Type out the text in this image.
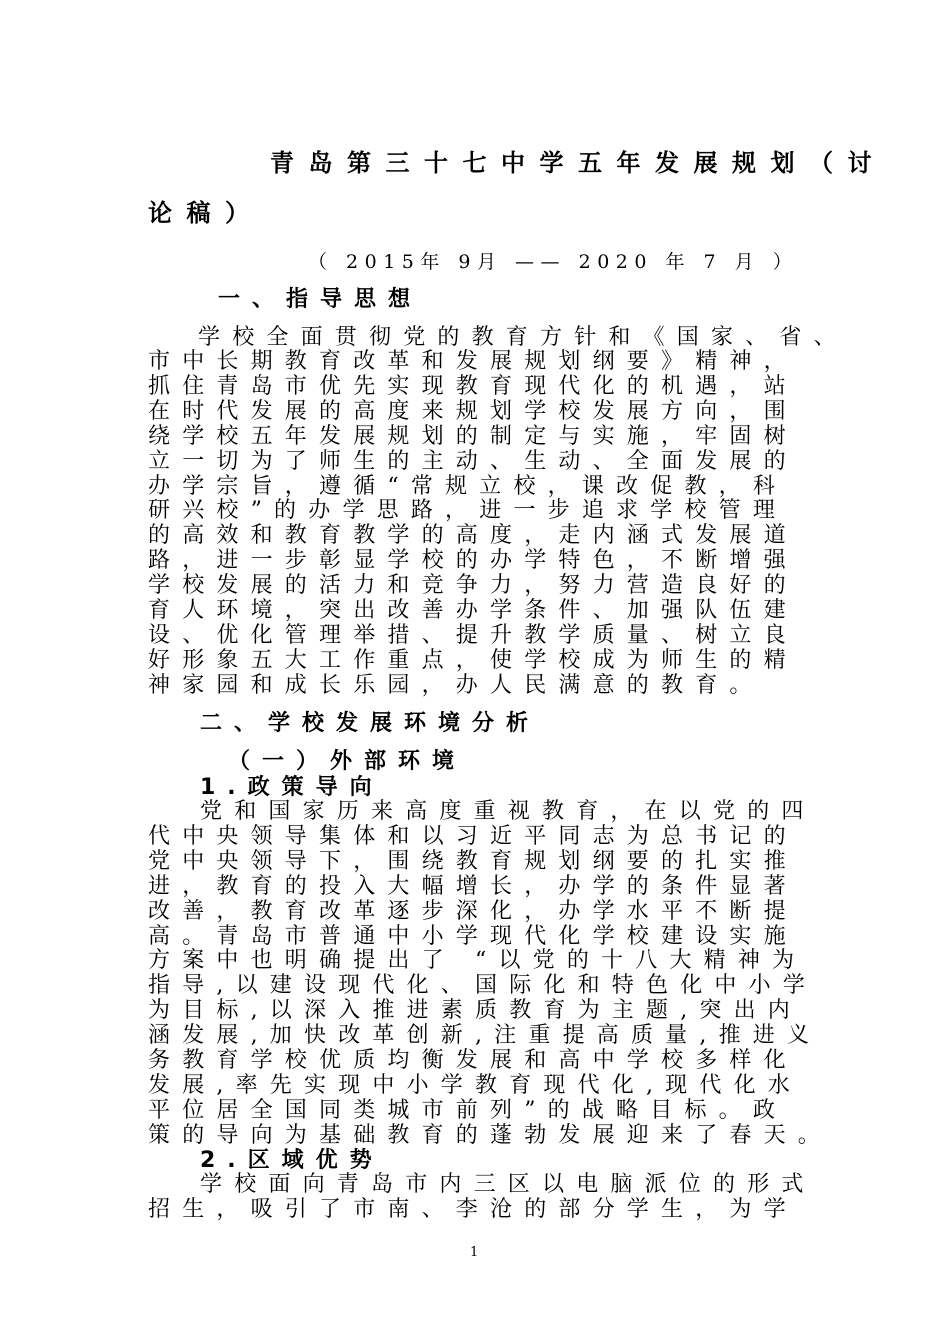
青岛第三十七中学五年发展规划（讨
论稿）
（ 2015年 9月 —— 2020 年 7 月 ）
一、指导思想
学校全面贯彻党的教育方针和《国家、省、
市中长期教育改革和发展规划纲要》精神，
抓住青岛市优先实现教育现代化的机遇，站
在时代发展的高度来规划学校发展方向，围
绕学校五年发展规划的制定与实施，牢固树
立一切为了师生的主动、生动、全面发展的
办学宗旨，遵循“常规立校，课改促教，科
研兴校”的办学思路，进一步追求学校管理
的高效和教育教学的高度，走内涵式发展道
路，进一步彰显学校的办学特色，不断增强
学校发展的活力和竞争力，努力营造良好的
育人环境，突出改善办学条件、加强队伍建
设、优化管理举措、提升教学质量、树立良
好形象五大工作重点，使学校成为师生的精
神家园和成长乐园，办人民满意的教育。
二、学校发展环境分析
（一）外部环境
1.政策导向
党和国家历来高度重视教育，在以党的四
代中央领导集体和以习近平同志为总书记的
党中央领导下，围绕教育规划纲要的扎实推
进，教育的投入大幅增长，办学的条件显著
改善，教育改革逐步深化，办学水平不断提
高。青岛市普通中小学现代化学校建设实施
方案中也明确提出了 “以党的十八大精神为
指导,以建设现代化、国际化和特色化中小学
为目标,以深入推进素质教育为主题,突出内
涵发展,加快改革创新,注重提高质量,推进义
务教育学校优质均衡发展和高中学校多样化
发展,率先实现中小学教育现代化,现代化水
平位居全国同类城市前列”的战略目标。政
策的导向为基础教育的蓬勃发展迎来了春天。
2.区域优势
学校面向青岛市内三区以电脑派位的形式
招生，吸引了市南、李沧的部分学生，为学
1
